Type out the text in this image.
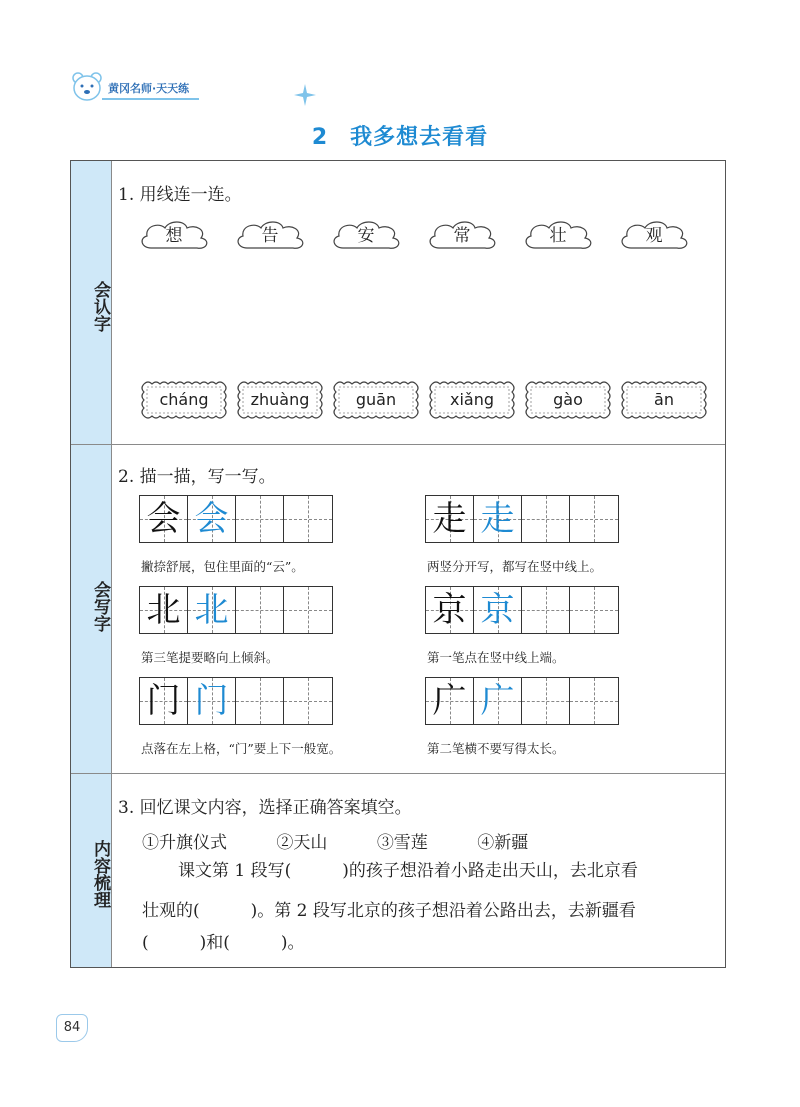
黄冈名师·天天练
2 我多想去看看
会认字
会写字
内容梳理
1. 用线连一连。
想	告	安	常	壮	观
cháng	zhuàng	guān	xiǎng	gào	ān
2. 描一描，写一写。
会 会
撇捺舒展，包住里面的“云”。
走 走
两竖分开写，都写在竖中线上。
北 北
第三笔提要略向上倾斜。
京 京
第一笔点在竖中线上端。
门 门
点落在左上格，“门”要上下一般宽。
广 广
第二笔横不要写得太长。
3. 回忆课文内容，选择正确答案填空。
①升旗仪式	②天山	③雪莲	④新疆
课文第 1 段写(　　　)的孩子想沿着小路走出天山，去北京看
壮观的(　　　)。第 2 段写北京的孩子想沿着公路出去，去新疆看
(　　　)和(　　　)。
84
